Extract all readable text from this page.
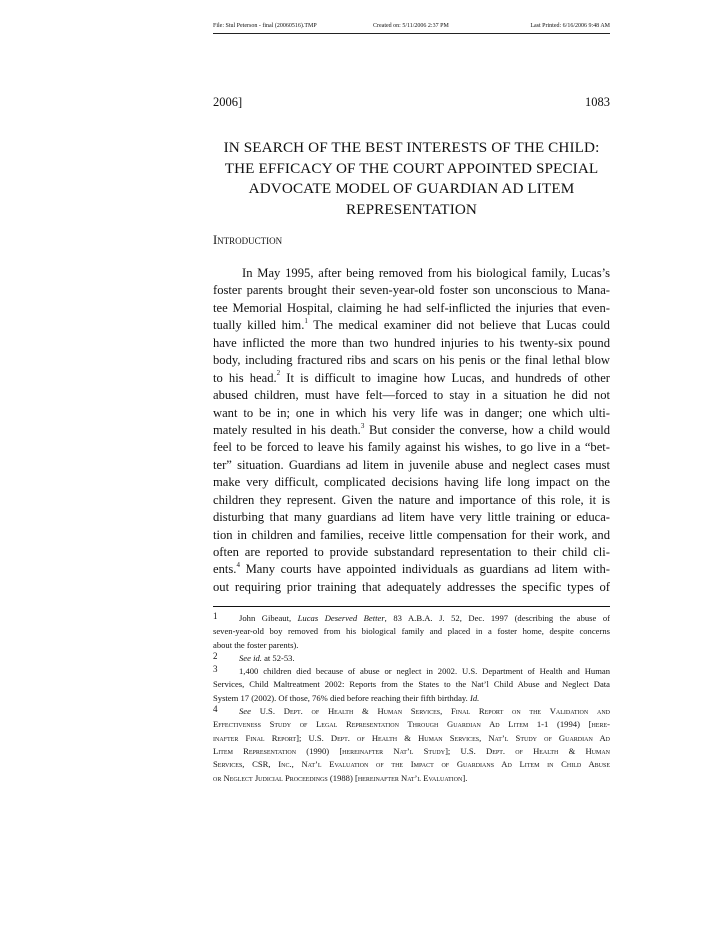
File: Stul Peterson - final (20060516).TMP	Created on: 5/11/2006 2:37 PM	Last Printed: 6/16/2006 9:48 AM
2006]	1083
IN SEARCH OF THE BEST INTERESTS OF THE CHILD: THE EFFICACY OF THE COURT APPOINTED SPECIAL ADVOCATE MODEL OF GUARDIAN AD LITEM REPRESENTATION
Introduction
In May 1995, after being removed from his biological family, Lucas’s
foster parents brought their seven-year-old foster son unconscious to Mana-
tee Memorial Hospital, claiming he had self-inflicted the injuries that even-
tually killed him.$^1$ The medical examiner did not believe that Lucas could
have inflicted the more than two hundred injuries to his twenty-six pound
body, including fractured ribs and scars on his penis or the final lethal blow
to his head.$^2$ It is difficult to imagine how Lucas, and hundreds of other
abused children, must have felt—forced to stay in a situation he did not
want to be in; one in which his very life was in danger; one which ulti-
mately resulted in his death.$^3$ But consider the converse, how a child would
feel to be forced to leave his family against his wishes, to go live in a “bet-
ter” situation. Guardians ad litem in juvenile abuse and neglect cases must
make very difficult, complicated decisions having life long impact on the
children they represent. Given the nature and importance of this role, it is
disturbing that many guardians ad litem have very little training or educa-
tion in children and families, receive little compensation for their work, and
often are reported to provide substandard representation to their child cli-
ents.$^4$ Many courts have appointed individuals as guardians ad litem with-
out requiring prior training that adequately addresses the specific types of
1	John Gibeaut, Lucas Deserved Better, 83 A.B.A. J. 52, Dec. 1997 (describing the abuse of
seven-year-old boy removed from his biological family and placed in a foster home, despite concerns
about the foster parents).
2	See id. at 52-53.
3	1,400 children died because of abuse or neglect in 2002. U.S. Department of Health and Human
Services, Child Maltreatment 2002: Reports from the States to the Nat’l Child Abuse and Neglect Data
System 17 (2002). Of those, 76% died before reaching their fifth birthday. Id.
4	See U.S. Dept. of Health & Human Services, Final Report on the Validation and
Effectiveness Study of Legal Representation Through Guardian Ad Litem 1-1 (1994) [here-
inafter Final Report]; U.S. Dept. of Health & Human Services, Nat’l Study of Guardian Ad
Litem Representation (1990) [hereinafter Nat’l Study]; U.S. Dept. of Health & Human
Services, CSR, Inc., Nat’l Evaluation of the Impact of Guardians Ad Litem in Child Abuse
or Neglect Judicial Proceedings (1988) [hereinafter Nat’l Evaluation].
